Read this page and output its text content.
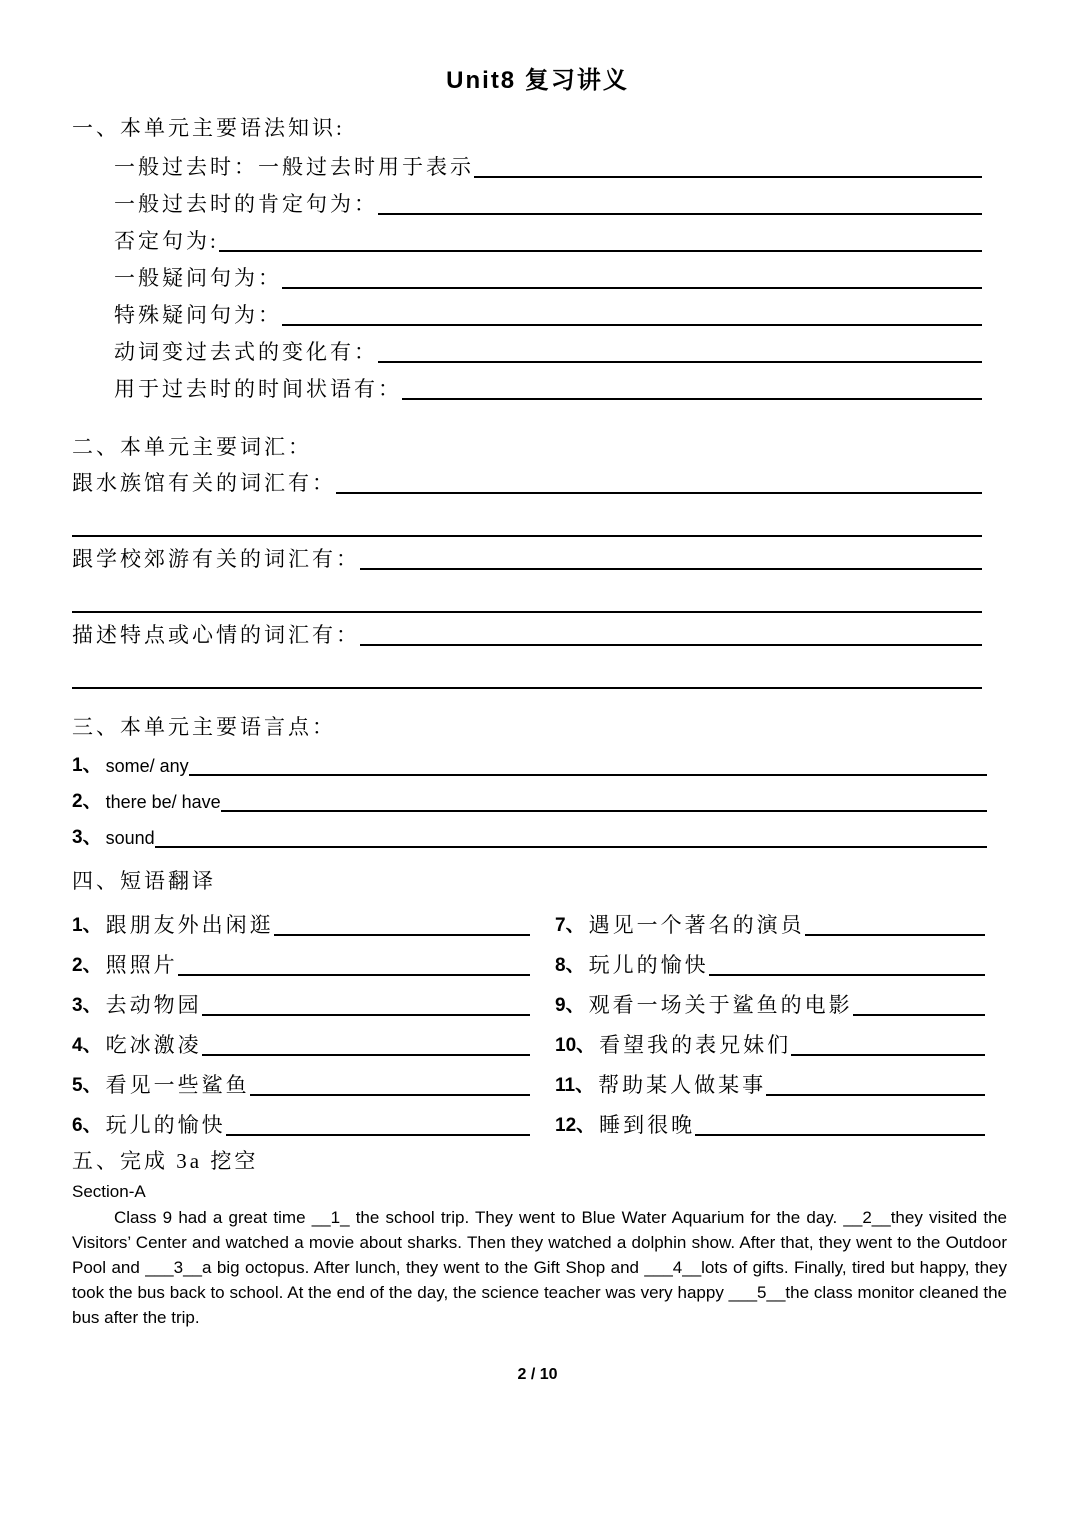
Unit8 复习讲义
一、本单元主要语法知识:
一般过去时：一般过去时用于表示
一般过去时的肯定句为：
否定句为:
一般疑问句为：
特殊疑问句为：
动词变过去式的变化有：
用于过去时的时间状语有：
二、本单元主要词汇：
跟水族馆有关的词汇有：
跟学校郊游有关的词汇有：
描述特点或心情的词汇有：
三、本单元主要语言点：
1、 some/ any
2、 there be/ have
3、 sound
四、短语翻译
1、 跟朋友外出闲逛	7、 遇见一个著名的演员
2、 照照片	8、 玩儿的愉快
3、 去动物园	9、 观看一场关于鲨鱼的电影
4、 吃冰激凌	10、 看望我的表兄妹们
5、 看见一些鲨鱼	11、 帮助某人做某事
6、 玩儿的愉快	12、 睡到很晚
五、完成 3a 挖空
Section-A
Class 9 had a great time __1_ the school trip. They went to Blue Water Aquarium for the day. __2__they visited the Visitors’ Center and watched a movie about sharks. Then they watched a dolphin show. After that, they went to the Outdoor Pool and ___3__a big octopus. After lunch, they went to the Gift Shop and ___4__lots of gifts. Finally, tired but happy, they took the bus back to school. At the end of the day, the science teacher was very happy ___5__the class monitor cleaned the bus after the trip.
2 / 10
